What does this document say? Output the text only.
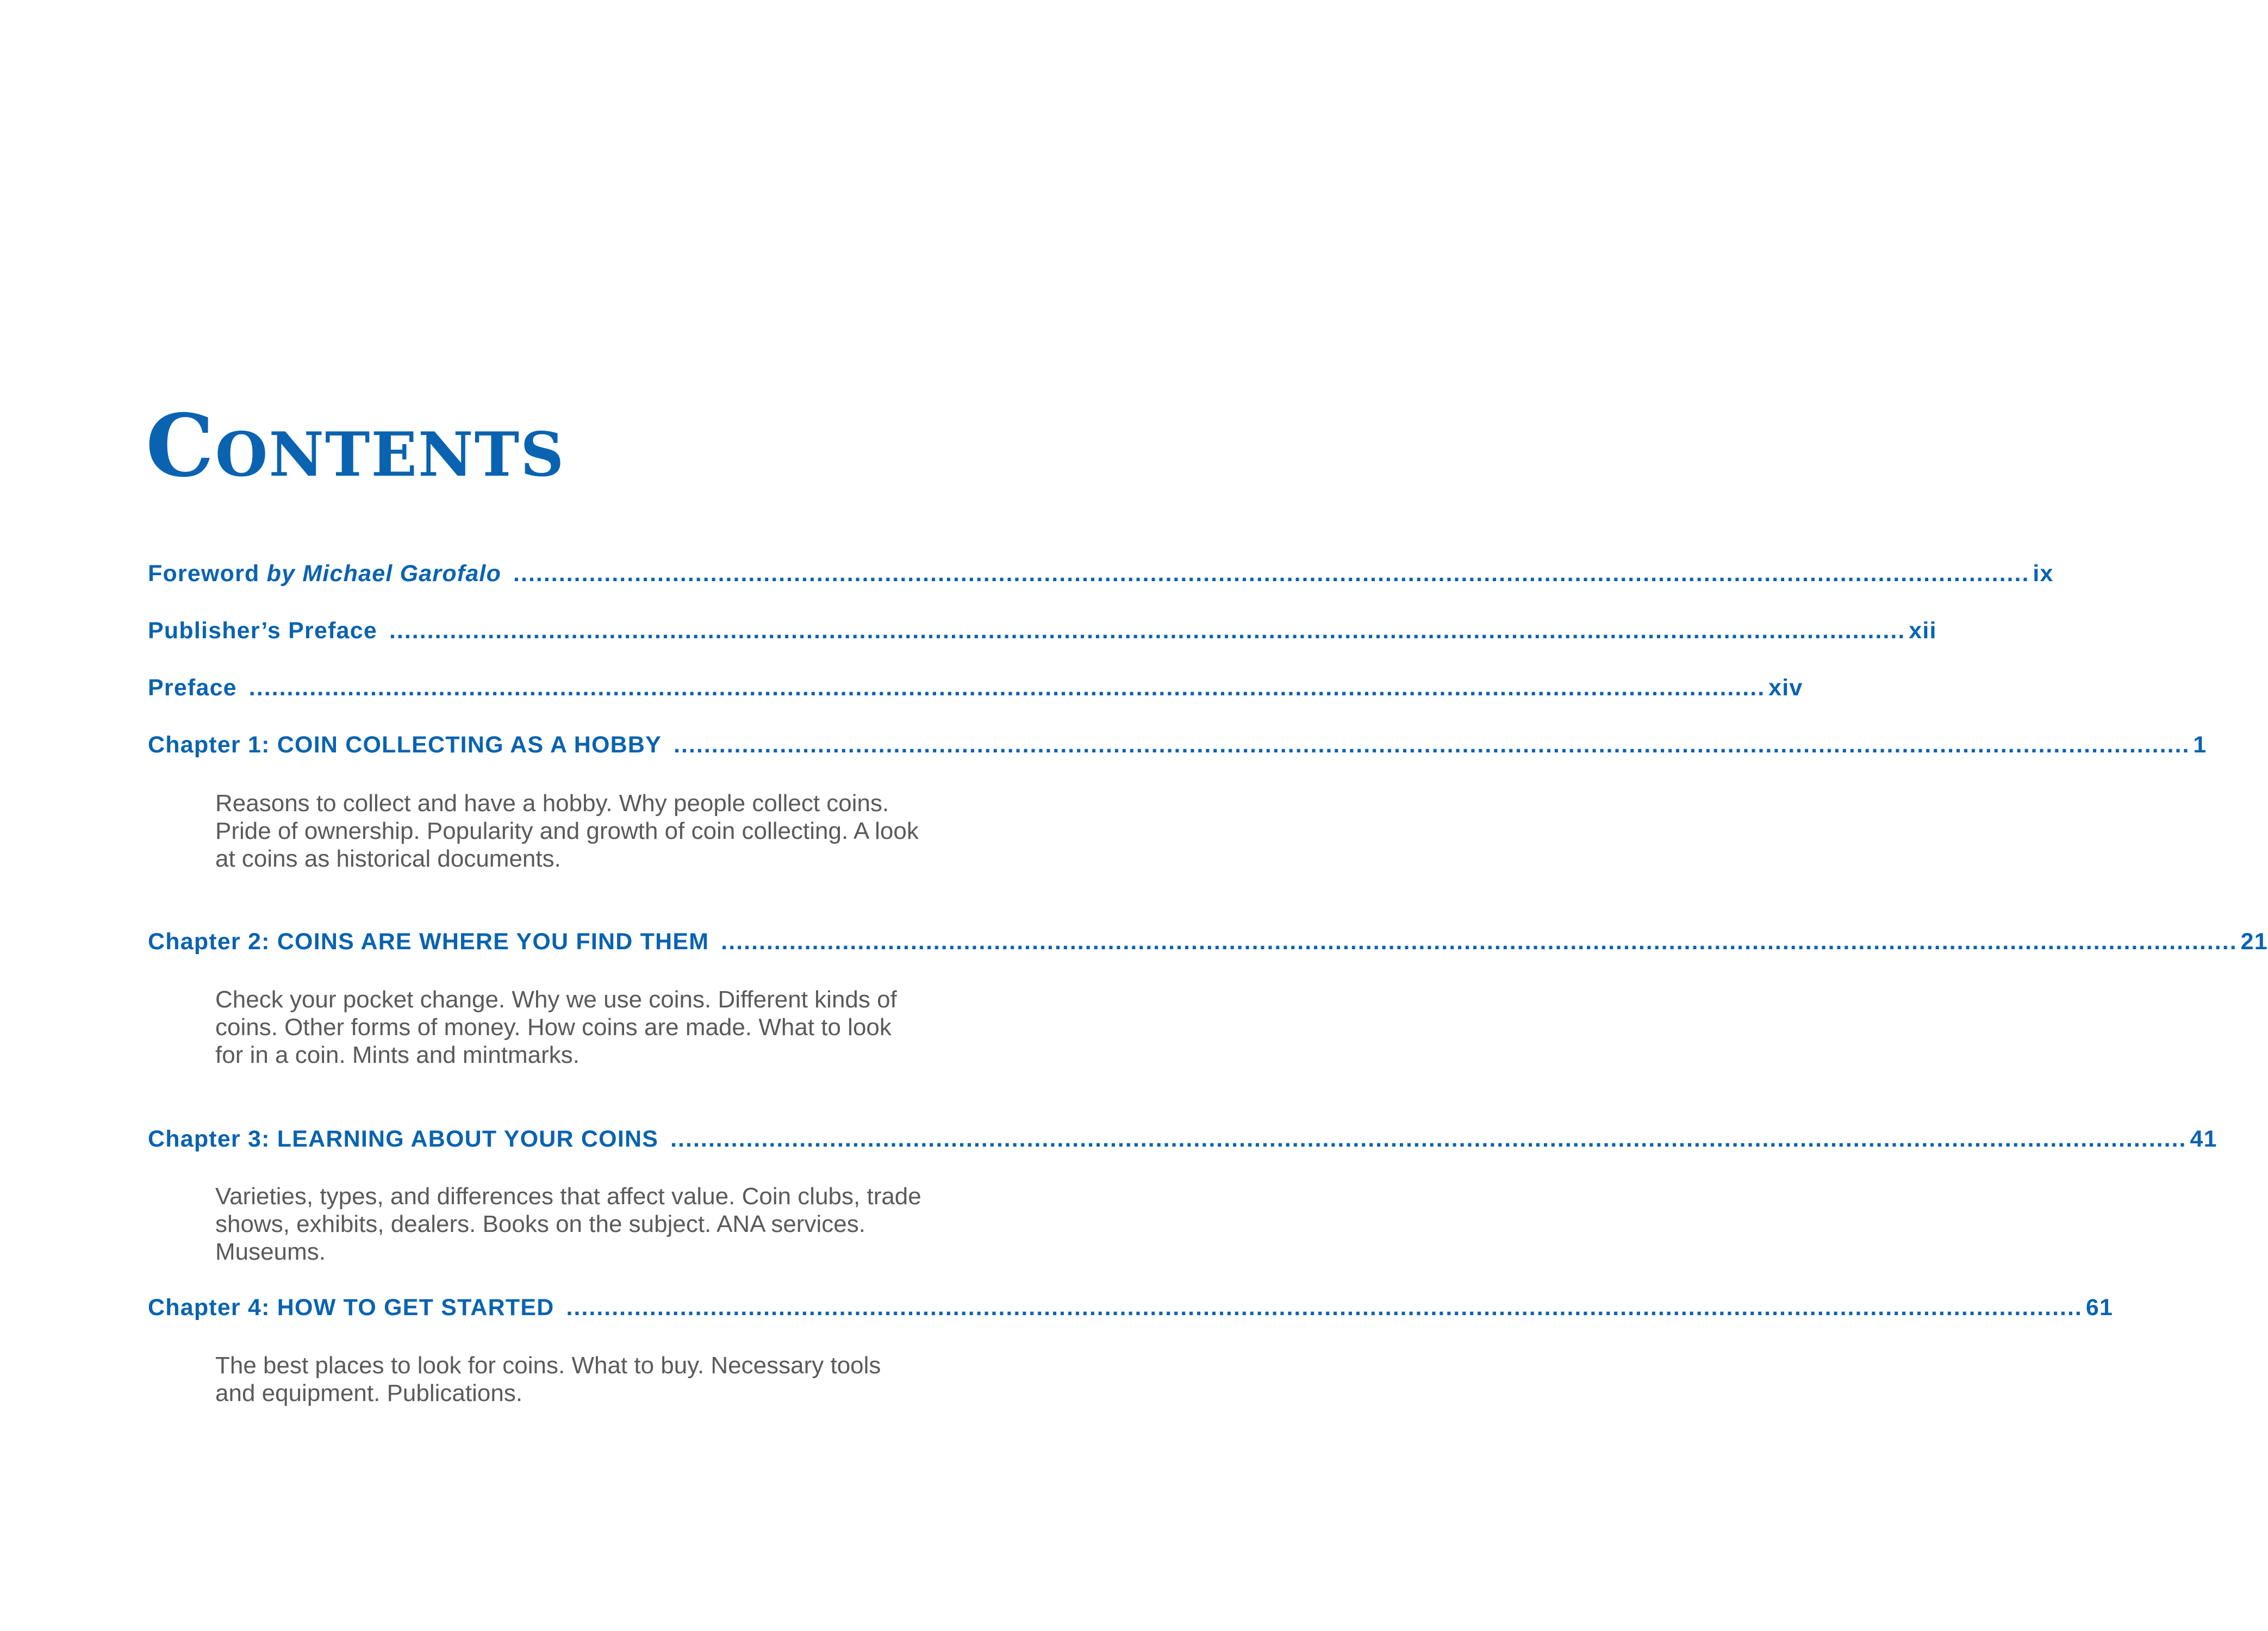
Contents
Foreword by Michael Garofalo ........................................................................................................................................................................................................ ix
Publisher’s Preface ........................................................................................................................................................................................................ xii
Preface ........................................................................................................................................................................................................ xiv
Chapter 1: COIN COLLECTING AS A HOBBY ........................................................................................................................................................................................................ 1

Reasons to collect and have a hobby. Why people collect coins. Pride of ownership. Popularity and growth of coin collecting. A look at coins as historical documents.

Chapter 2: COINS ARE WHERE YOU FIND THEM ........................................................................................................................................................................................................ 21

Check your pocket change. Why we use coins. Different kinds of coins. Other forms of money. How coins are made. What to look for in a coin. Mints and mintmarks.

Chapter 3: LEARNING ABOUT YOUR COINS ........................................................................................................................................................................................................ 41

Varieties, types, and differences that affect value. Coin clubs, trade shows, exhibits, dealers. Books on the subject. ANA services. Museums.

Chapter 4: HOW TO GET STARTED ........................................................................................................................................................................................................ 61

The best places to look for coins. What to buy. Necessary tools and equipment. Publications.
